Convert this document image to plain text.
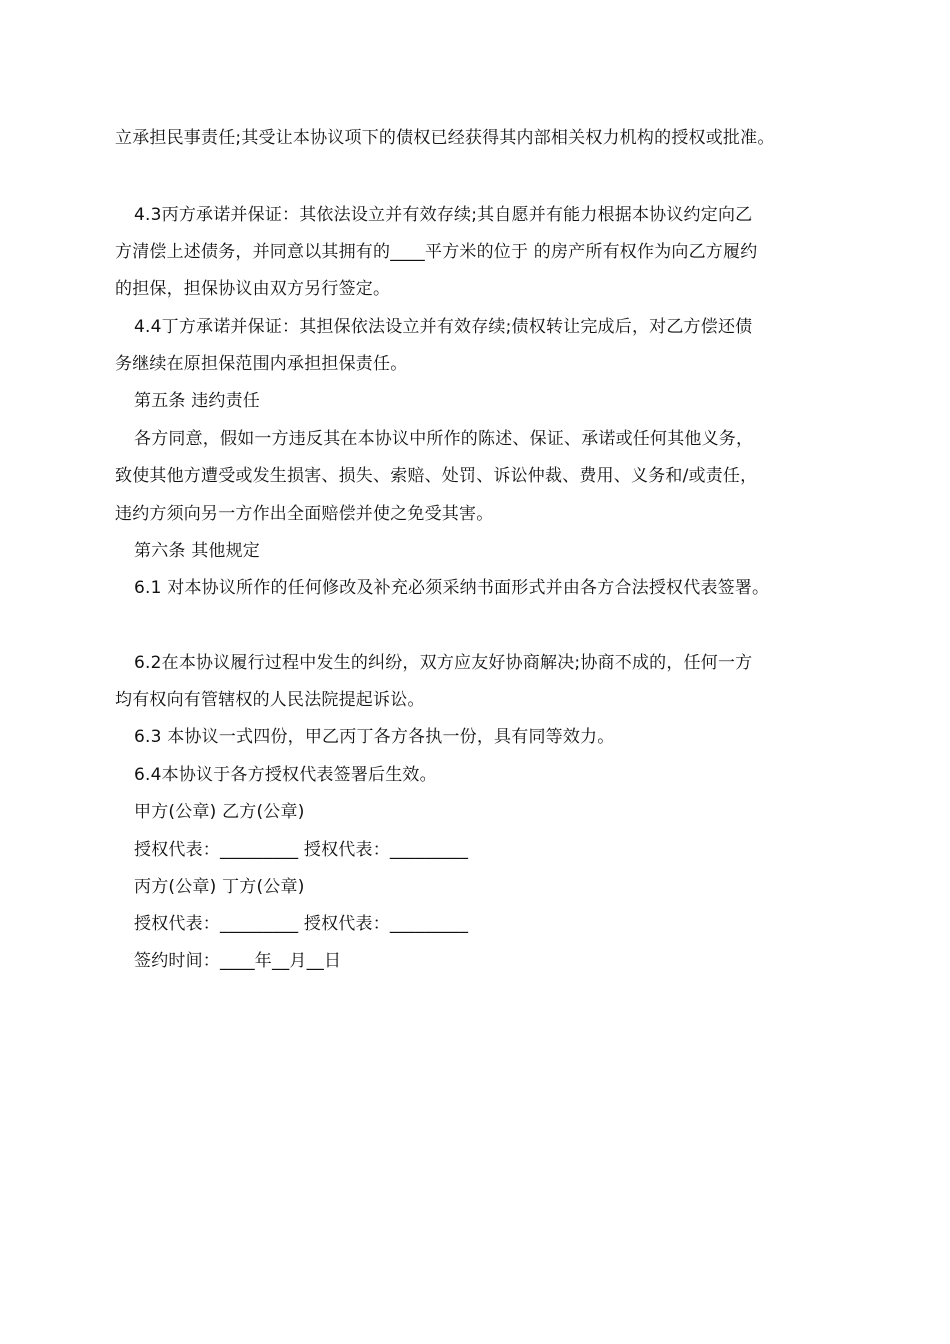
立承担民事责任;其受让本协议项下的债权已经获得其内部相关权力机构的授权或批准。
4.3丙方承诺并保证：其依法设立并有效存续;其自愿并有能力根据本协议约定向乙
方清偿上述债务，并同意以其拥有的____平方米的位于 的房产所有权作为向乙方履约
的担保，担保协议由双方另行签定。
4.4丁方承诺并保证：其担保依法设立并有效存续;债权转让完成后，对乙方偿还债
务继续在原担保范围内承担担保责任。
第五条 违约责任
各方同意，假如一方违反其在本协议中所作的陈述、保证、承诺或任何其他义务，
致使其他方遭受或发生损害、损失、索赔、处罚、诉讼仲裁、费用、义务和/或责任，
违约方须向另一方作出全面赔偿并使之免受其害。
第六条 其他规定
6.1 对本协议所作的任何修改及补充必须采纳书面形式并由各方合法授权代表签署。
6.2在本协议履行过程中发生的纠纷，双方应友好协商解决;协商不成的，任何一方
均有权向有管辖权的人民法院提起诉讼。
6.3 本协议一式四份，甲乙丙丁各方各执一份，具有同等效力。
6.4本协议于各方授权代表签署后生效。
甲方(公章) 乙方(公章)
授权代表：_________ 授权代表：_________
丙方(公章) 丁方(公章)
授权代表：_________ 授权代表：_________
签约时间：____年__月__日
